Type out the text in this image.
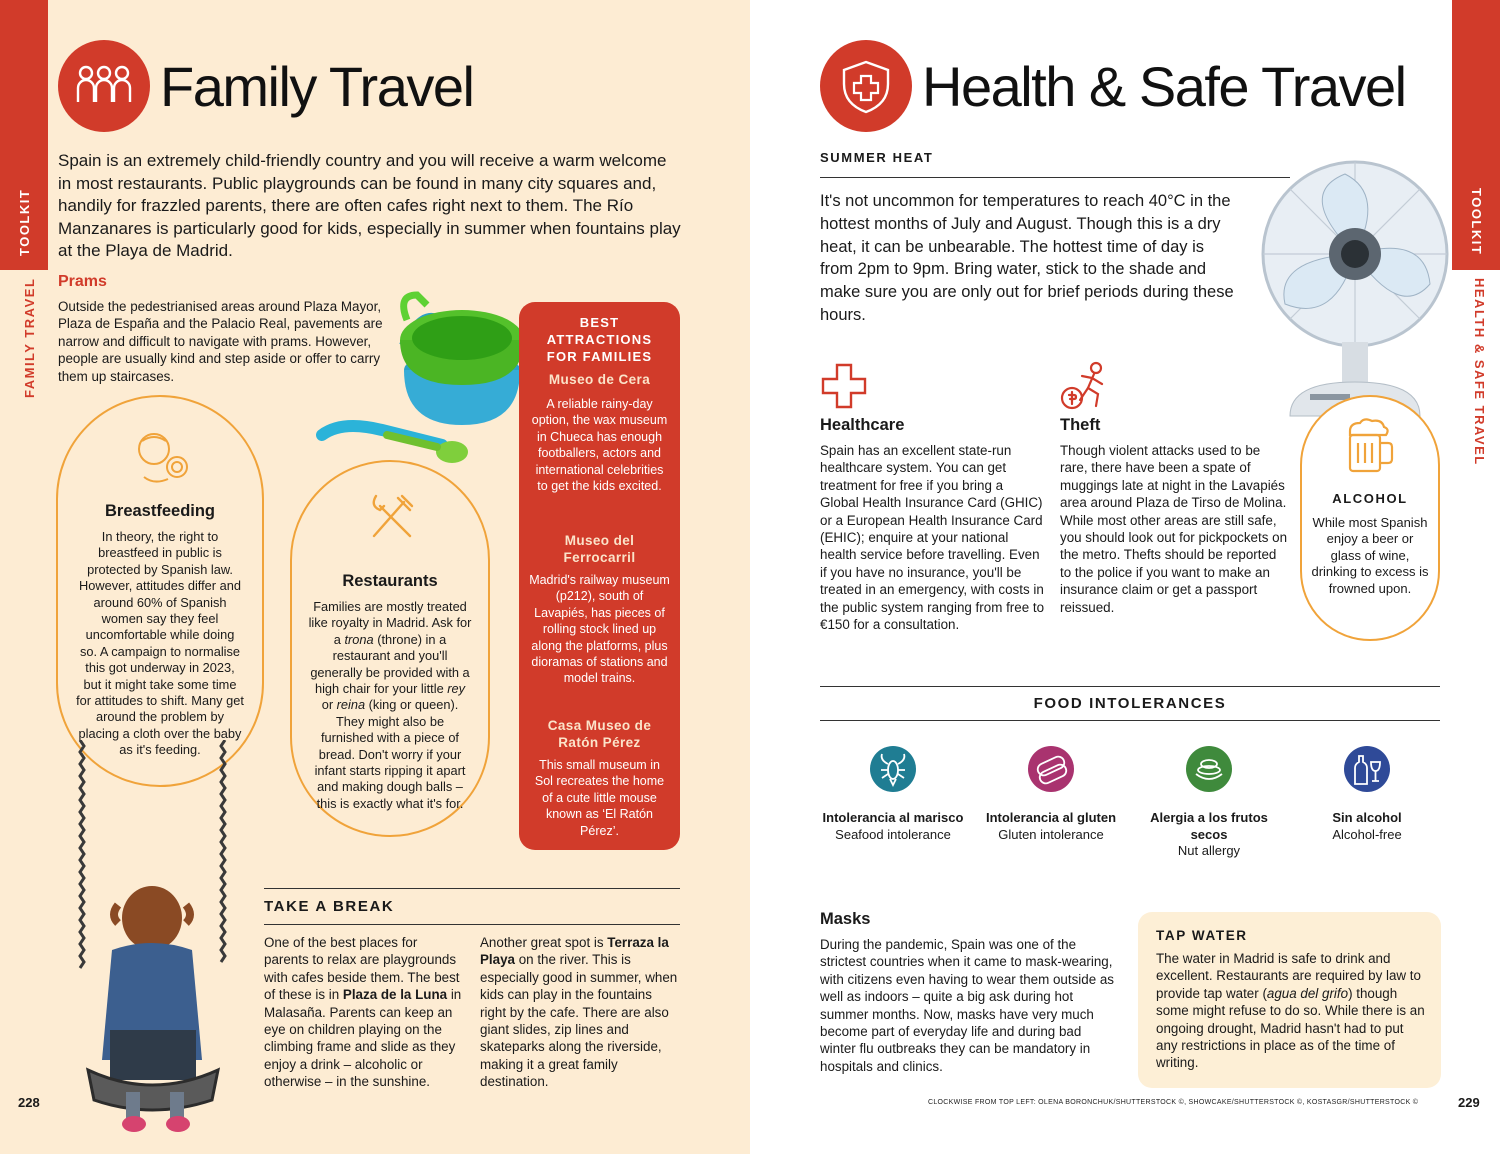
TOOLKIT
FAMILY TRAVEL
Family Travel
Spain is an extremely child-friendly country and you will receive a warm welcome in most restaurants. Public playgrounds can be found in many city squares and, handily for frazzled parents, there are often cafes right next to them. The Río Manzanares is particularly good for kids, especially in summer when fountains play at the Playa de Madrid.
Prams
Outside the pedestrianised areas around Plaza Mayor, Plaza de España and the Palacio Real, pavements are narrow and difficult to navigate with prams. However, people are usually kind and step aside or offer to carry them up staircases.
Breastfeeding
In theory, the right to breastfeed in public is protected by Spanish law. However, attitudes differ and around 60% of Spanish women say they feel uncomfortable while doing so. A campaign to normalise this got underway in 2023, but it might take some time for attitudes to shift. Many get around the problem by placing a cloth over the baby as it's feeding.
Restaurants
Families are mostly treated like royalty in Madrid. Ask for a trona (throne) in a restaurant and you'll generally be provided with a high chair for your little rey or reina (king or queen). They might also be furnished with a piece of bread. Don't worry if your infant starts ripping it apart and making dough balls – this is exactly what it's for.
BEST ATTRACTIONS FOR FAMILIES
Museo de Cera
A reliable rainy-day option, the wax museum in Chueca has enough footballers, actors and international celebrities to get the kids excited.
Museo del Ferrocarril
Madrid's railway museum (p212), south of Lavapiés, has pieces of rolling stock lined up along the platforms, plus dioramas of stations and model trains.
Casa Museo de Ratón Pérez
This small museum in Sol recreates the home of a cute little mouse known as ‘El Ratón Pérez’.
TAKE A BREAK
One of the best places for parents to relax are playgrounds with cafes beside them. The best of these is in Plaza de la Luna in Malasaña. Parents can keep an eye on children playing on the climbing frame and slide as they enjoy a drink – alcoholic or otherwise – in the sunshine.
Another great spot is Terraza la Playa on the river. This is especially good in summer, when kids can play in the fountains right by the cafe. There are also giant slides, zip lines and skateparks along the riverside, making it a great family destination.
228
TOOLKIT
HEALTH & SAFE TRAVEL
Health & Safe Travel
SUMMER HEAT
It's not uncommon for temperatures to reach 40°C in the hottest months of July and August. Though this is a dry heat, it can be unbearable. The hottest time of day is from 2pm to 9pm. Bring water, stick to the shade and make sure you are only out for brief periods during these hours.
Healthcare
Spain has an excellent state-run healthcare system. You can get treatment for free if you bring a Global Health Insurance Card (GHIC) or a European Health Insurance Card (EHIC); enquire at your national health service before travelling. Even if you have no insurance, you'll be treated in an emergency, with costs in the public system ranging from free to €150 for a consultation.
Theft
Though violent attacks used to be rare, there have been a spate of muggings late at night in the Lavapiés area around Plaza de Tirso de Molina. While most other areas are still safe, you should look out for pickpockets on the metro. Thefts should be reported to the police if you want to make an insurance claim or get a passport reissued.
ALCOHOL
While most Spanish enjoy a beer or glass of wine, drinking to excess is frowned upon.
FOOD INTOLERANCES
Intolerancia al marisco
Seafood intolerance
Intolerancia al gluten
Gluten intolerance
Alergia a los frutos secos
Nut allergy
Sin alcohol
Alcohol-free
Masks
During the pandemic, Spain was one of the strictest countries when it came to mask-wearing, with citizens even having to wear them outside as well as indoors – quite a big ask during hot summer months. Now, masks have very much become part of everyday life and during bad winter flu outbreaks they can be mandatory in hospitals and clinics.
TAP WATER
The water in Madrid is safe to drink and excellent. Restaurants are required by law to provide tap water (agua del grifo) though some might refuse to do so. While there is an ongoing drought, Madrid hasn't had to put any restrictions in place as of the time of writing.
CLOCKWISE FROM TOP LEFT: OLENA BORONCHUK/SHUTTERSTOCK ©, SHOWCAKE/SHUTTERSTOCK ©, KOSTASGR/SHUTTERSTOCK ©	229
